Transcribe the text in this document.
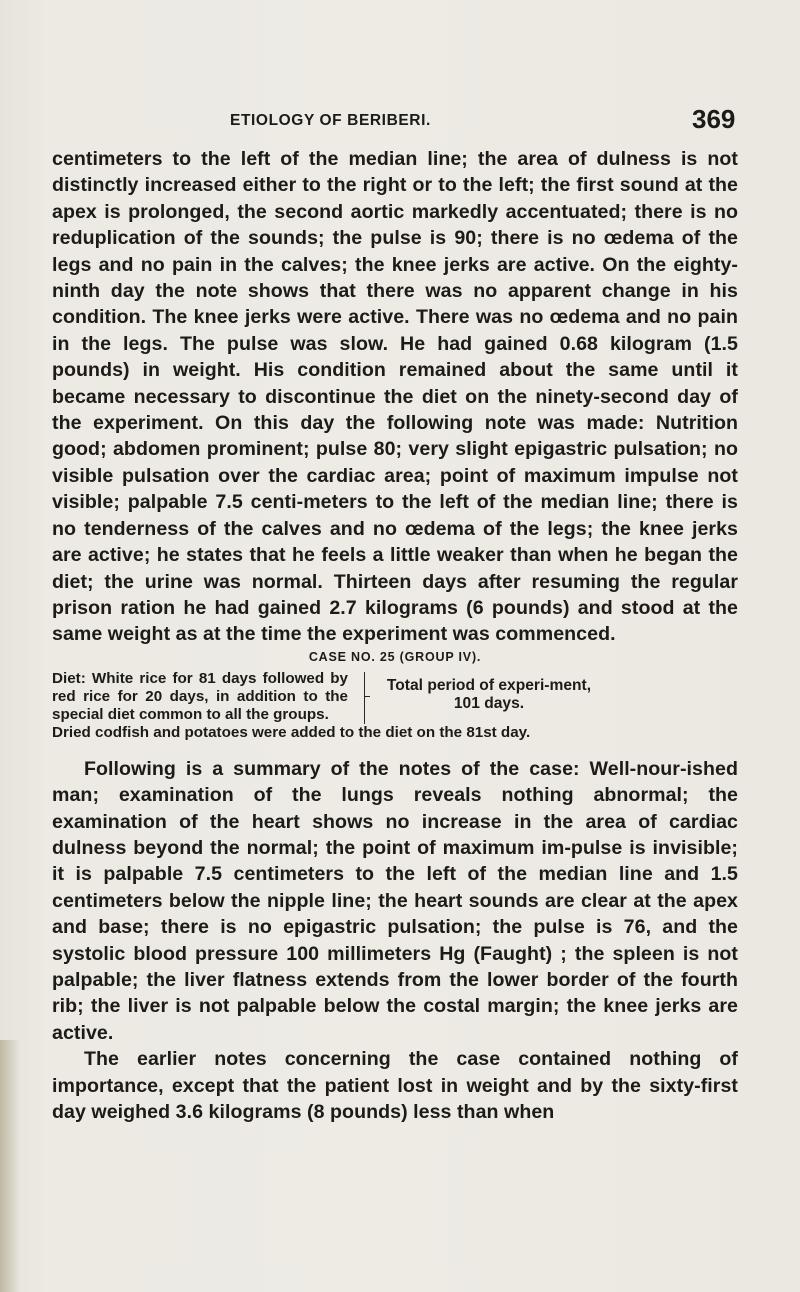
ETIOLOGY OF BERIBERI.	369

centimeters to the left of the median line; the area of dulness is not distinctly increased either to the right or to the left; the first sound at the apex is prolonged, the second aortic markedly accentuated; there is no reduplication of the sounds; the pulse is 90; there is no œdema of the legs and no pain in the calves; the knee jerks are active. On the eighty-ninth day the note shows that there was no apparent change in his condition. The knee jerks were active. There was no œdema and no pain in the legs. The pulse was slow. He had gained 0.68 kilogram (1.5 pounds) in weight. His condition remained about the same until it became necessary to discontinue the diet on the ninety-second day of the experiment. On this day the following note was made: Nutrition good; abdomen prominent; pulse 80; very slight epigastric pulsation; no visible pulsation over the cardiac area; point of maximum impulse not visible; palpable 7.5 centi-meters to the left of the median line; there is no tenderness of the calves and no œdema of the legs; the knee jerks are active; he states that he feels a little weaker than when he began the diet; the urine was normal. Thirteen days after resuming the regular prison ration he had gained 2.7 kilograms (6 pounds) and stood at the same weight as at the time the experiment was commenced.

CASE NO. 25 (GROUP IV).
Diet: White rice for 81 days followed by red rice for 20 days, in addition to the special diet common to all the groups.
Total period of experi-ment, 101 days.
Dried codfish and potatoes were added to the diet on the 81st day.

Following is a summary of the notes of the case: Well-nour-ished man; examination of the lungs reveals nothing abnormal; the examination of the heart shows no increase in the area of cardiac dulness beyond the normal; the point of maximum im-pulse is invisible; it is palpable 7.5 centimeters to the left of the median line and 1.5 centimeters below the nipple line; the heart sounds are clear at the apex and base; there is no epigastric pulsation; the pulse is 76, and the systolic blood pressure 100 millimeters Hg (Faught) ; the spleen is not palpable; the liver flatness extends from the lower border of the fourth rib; the liver is not palpable below the costal margin; the knee jerks are active.

The earlier notes concerning the case contained nothing of importance, except that the patient lost in weight and by the sixty-first day weighed 3.6 kilograms (8 pounds) less than when
